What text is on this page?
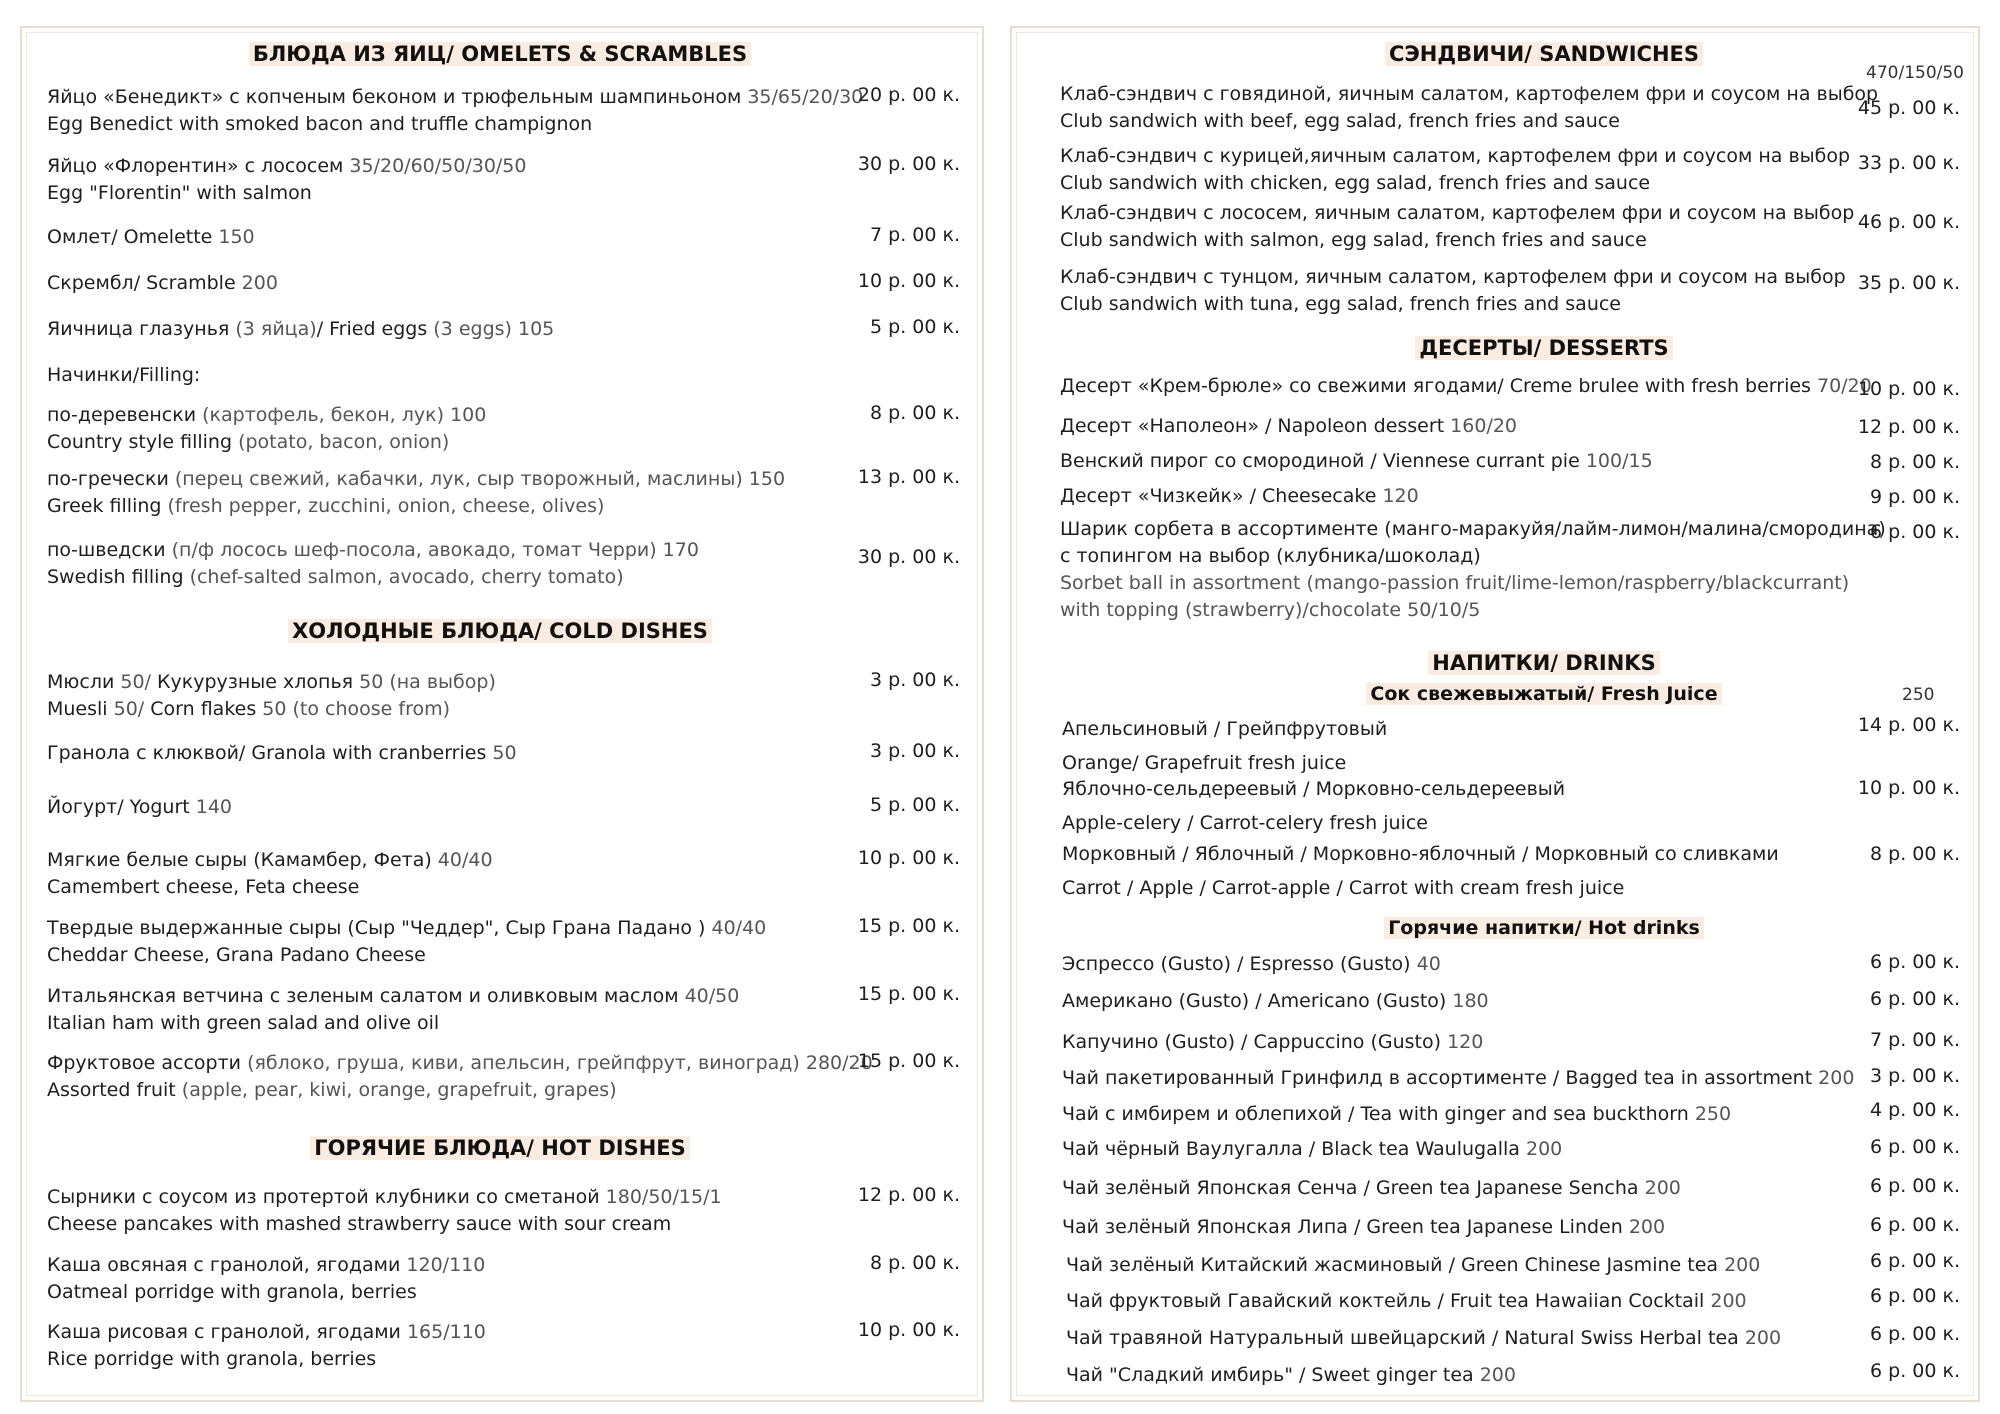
БЛЮДА ИЗ ЯИЦ/ OMELETS & SCRAMBLES
Яйцо «Бенедикт» с копченым беконом и трюфельным шампиньоном 35/65/20/30
Egg Benedict with smoked bacon and truffle champignon
20 р. 00 к.
Яйцо «Флорентин» с лососем 35/20/60/50/30/50
Egg "Florentin" with salmon
30 р. 00 к.
Омлет/ Omelette 150	7 р. 00 к.
Скрембл/ Scramble 200	10 р. 00 к.
Яичница глазунья (3 яйца)/ Fried eggs (3 eggs) 105	5 р. 00 к.
Начинки/Filling:
по-деревенски (картофель, бекон, лук) 100
Country style filling (potato, bacon, onion)
8 р. 00 к.
по-гречески (перец свежий, кабачки, лук, сыр творожный, маслины) 150
Greek filling (fresh pepper, zucchini, onion, cheese, olives)
13 р. 00 к.
по-шведски (п/ф лосось шеф-посола, авокадо, томат Черри) 170
Swedish filling (chef-salted salmon, avocado, cherry tomato)
30 р. 00 к.
ХОЛОДНЫЕ БЛЮДА/ COLD DISHES
Мюсли 50/ Кукурузные хлопья 50 (на выбор)
Muesli 50/ Corn flakes 50 (to choose from)
3 р. 00 к.
Гранола с клюквой/ Granola with cranberries 50	3 р. 00 к.
Йогурт/ Yogurt 140	5 р. 00 к.
Мягкие белые сыры (Камамбер, Фета) 40/40
Camembert cheese, Feta cheese
10 р. 00 к.
Твердые выдержанные сыры (Сыр "Чеддер", Сыр Грана Падано ) 40/40
Cheddar Cheese, Grana Padano Cheese
15 р. 00 к.
Итальянская ветчина с зеленым салатом и оливковым маслом 40/50
Italian ham with green salad and olive oil
15 р. 00 к.
Фруктовое ассорти (яблоко, груша, киви, апельсин, грейпфрут, виноград) 280/20
Assorted fruit (apple, pear, kiwi, orange, grapefruit, grapes)
15 р. 00 к.
ГОРЯЧИЕ БЛЮДА/ HOT DISHES
Сырники с соусом из протертой клубники со сметаной 180/50/15/1
Cheese pancakes with mashed strawberry sauce with sour cream
12 р. 00 к.
Каша овсяная с гранолой, ягодами 120/110
Oatmeal porridge with granola, berries
8 р. 00 к.
Каша рисовая с гранолой, ягодами 165/110
Rice porridge with granola, berries
10 р. 00 к.
СЭНДВИЧИ/ SANDWICHES
470/150/50
Клаб-сэндвич с говядиной, яичным салатом, картофелем фри и соусом на выбор
Club sandwich with beef, egg salad, french fries and sauce
45 р. 00 к.
Клаб-сэндвич с курицей,яичным салатом, картофелем фри и соусом на выбор
Club sandwich with chicken, egg salad, french fries and sauce
33 р. 00 к.
Клаб-сэндвич с лососем, яичным салатом, картофелем фри и соусом на выбор
Club sandwich with salmon, egg salad, french fries and sauce
46 р. 00 к.
Клаб-сэндвич с тунцом, яичным салатом, картофелем фри и соусом на выбор
Club sandwich with tuna, egg salad, french fries and sauce
35 р. 00 к.
ДЕСЕРТЫ/ DESSERTS
Десерт «Крем-брюле» со свежими ягодами/ Creme brulee with fresh berries 70/20
10 р. 00 к.
Десерт «Наполеон» / Napoleon dessert 160/20	12 р. 00 к.
Венский пирог со смородиной / Viennese currant pie 100/15	8 р. 00 к.
Десерт «Чизкейк» / Cheesecake 120	9 р. 00 к.
Шарик сорбета в ассортименте (манго-маракуйя/лайм-лимон/малина/смородина)
с топингом на выбор (клубника/шоколад)
Sorbet ball in assortment (mango-passion fruit/lime-lemon/raspberry/blackcurrant)
with topping (strawberry)/chocolate 50/10/5
6 р. 00 к.
НАПИТКИ/ DRINKS
Сок свежевыжатый/ Fresh Juice	250
Апельсиновый / Грейпфрутовый
Orange/ Grapefruit fresh juice
14 р. 00 к.
Яблочно-сельдереевый / Морковно-сельдереевый
Apple-celery / Carrot-celery fresh juice
10 р. 00 к.
Морковный / Яблочный / Морковно-яблочный / Морковный со сливками
Carrot / Apple / Carrot-apple / Carrot with cream fresh juice
8 р. 00 к.
Горячие напитки/ Hot drinks
Эспрессо (Gusto) / Espresso (Gusto) 40	6 р. 00 к.
Американо (Gusto) / Americano (Gusto) 180	6 р. 00 к.
Капучино (Gusto) / Cappuccino (Gusto) 120	7 р. 00 к.
Чай пакетированный Гринфилд в ассортименте / Bagged tea in assortment 200 3 р. 00 к.
Чай с имбирем и облепихой / Tea with ginger and sea buckthorn 250	4 р. 00 к.
Чай чёрный Ваулугалла / Black tea Waulugalla 200	6 р. 00 к.
Чай зелёный Японская Сенча / Green tea Japanese Sencha 200	6 р. 00 к.
Чай зелёный Японская Липа / Green tea Japanese Linden 200	6 р. 00 к.
Чай зелёный Китайский жасминовый / Green Chinese Jasmine tea 200	6 р. 00 к.
Чай фруктовый Гавайский коктейль / Fruit tea Hawaiian Cocktail 200	6 р. 00 к.
Чай травяной Натуральный швейцарский / Natural Swiss Herbal tea 200	6 р. 00 к.
Чай "Сладкий имбирь" / Sweet ginger tea 200	6 р. 00 к.
